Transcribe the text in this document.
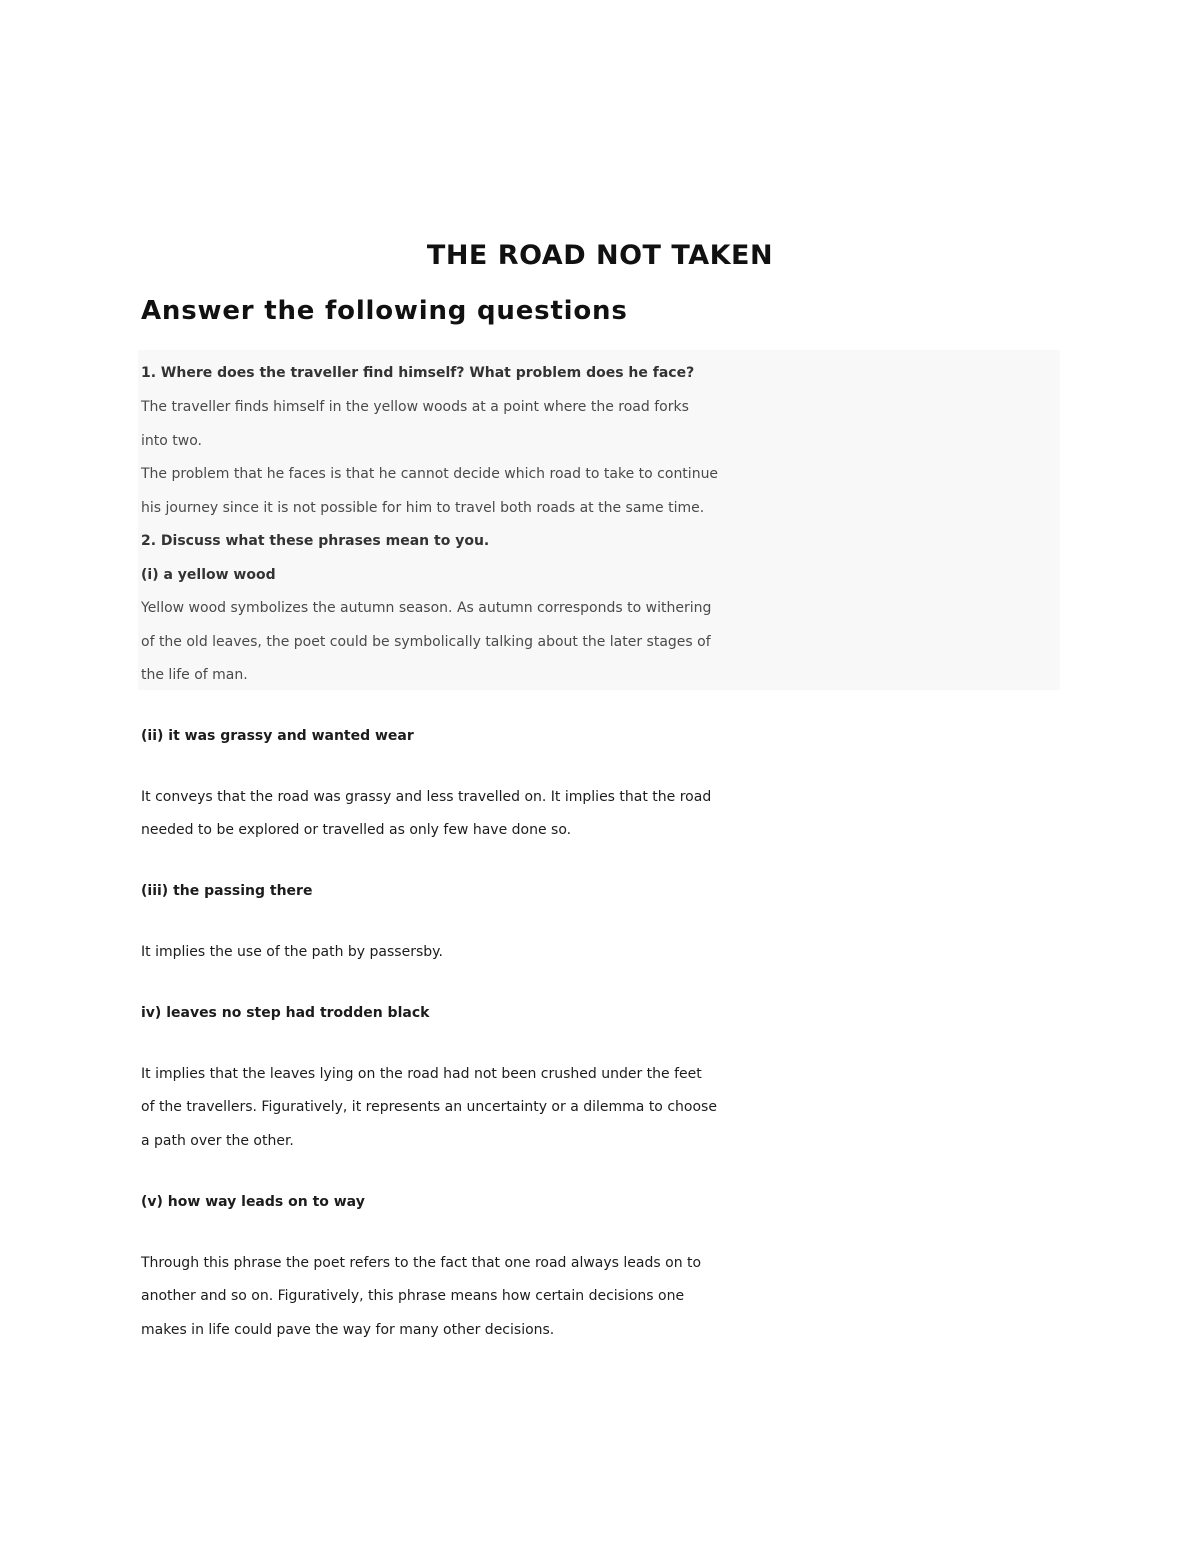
THE ROAD NOT TAKEN
Answer the following questions
1. Where does the traveller find himself? What problem does he face?
The traveller finds himself in the yellow woods at a point where the road forks
into two.
The problem that he faces is that he cannot decide which road to take to continue
his journey since it is not possible for him to travel both roads at the same time.
2. Discuss what these phrases mean to you.
(i) a yellow wood
Yellow wood symbolizes the autumn season. As autumn corresponds to withering
of the old leaves, the poet could be symbolically talking about the later stages of
the life of man.
(ii) it was grassy and wanted wear
It conveys that the road was grassy and less travelled on. It implies that the road
needed to be explored or travelled as only few have done so.
(iii) the passing there
It implies the use of the path by passersby.
iv) leaves no step had trodden black
It implies that the leaves lying on the road had not been crushed under the feet
of the travellers. Figuratively, it represents an uncertainty or a dilemma to choose
a path over the other.
(v) how way leads on to way
Through this phrase the poet refers to the fact that one road always leads on to
another and so on. Figuratively, this phrase means how certain decisions one
makes in life could pave the way for many other decisions.
